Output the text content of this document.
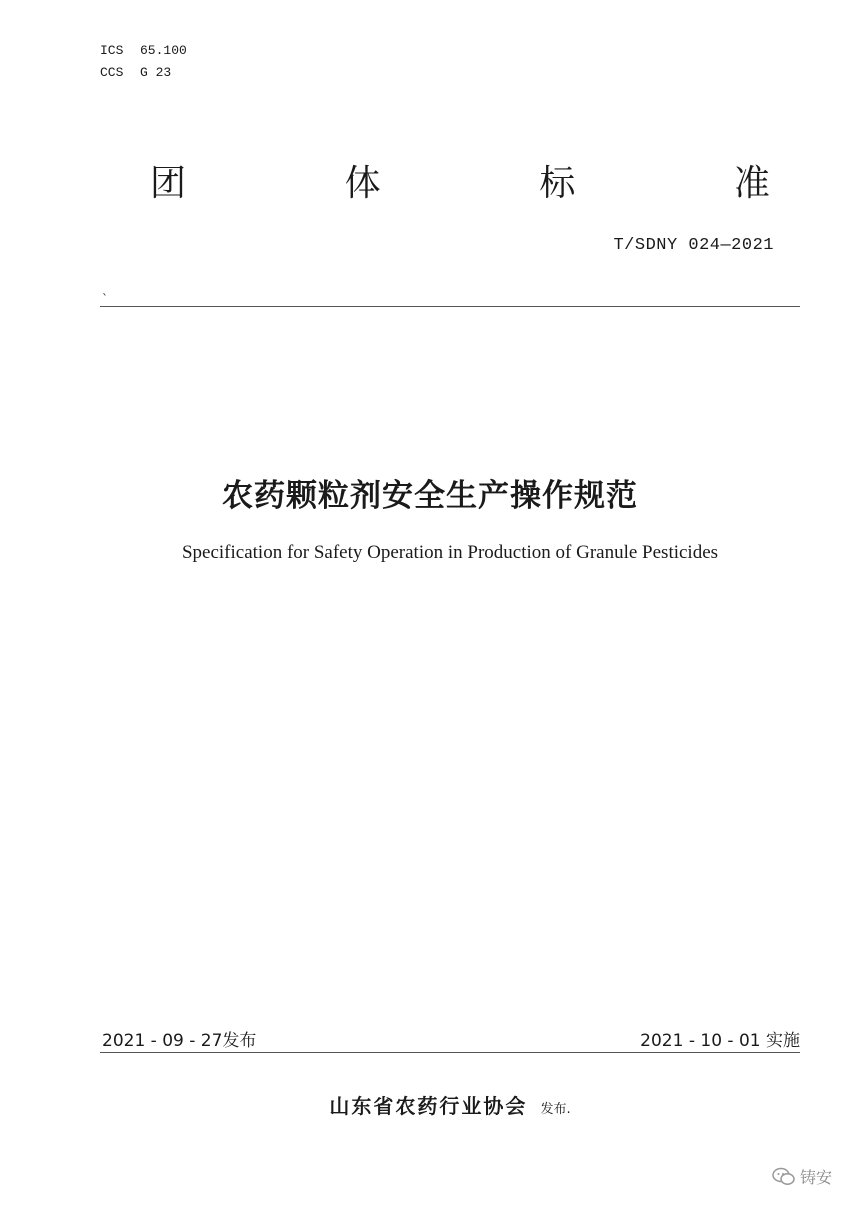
ICS	65.100
CCS	G 23
团	体	标	准
T/SDNY 024—2021
`
农药颗粒剂安全生产操作规范
Specification for Safety Operation in Production of Granule Pesticides
2021 - 09 - 27发布	2021 - 10 - 01 实施
山东省农药行业协会 发布.
铸安
